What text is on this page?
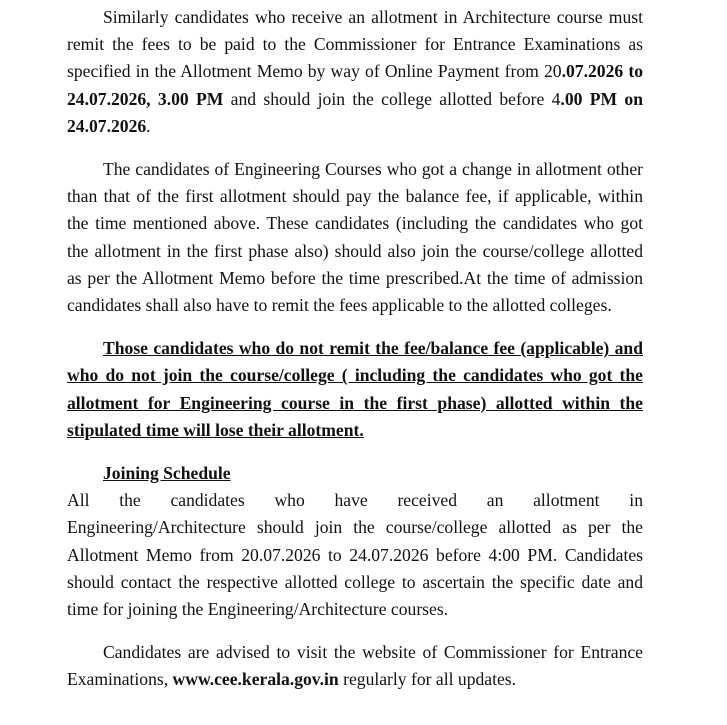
Similarly candidates who receive an allotment in Architecture course must remit the fees to be paid to the Commissioner for Entrance Examinations as specified in the Allotment Memo by way of Online Payment from 20.07.2026 to 24.07.2026, 3.00 PM and should join the college allotted before 4.00 PM on 24.07.2026.

The candidates of Engineering Courses who got a change in allotment other than that of the first allotment should pay the balance fee, if applicable, within the time mentioned above. These candidates (including the candidates who got the allotment in the first phase also) should also join the course/college allotted as per the Allotment Memo before the time prescribed.At the time of admission candidates shall also have to remit the fees applicable to the allotted colleges.

Those candidates who do not remit the fee/balance fee (applicable) and who do not join the course/college ( including the candidates who got the allotment for Engineering course in the first phase) allotted within the stipulated time will lose their allotment.

Joining Schedule

All the candidates who have received an allotment in

Engineering/Architecture should join the course/college allotted as per the Allotment Memo from 20.07.2026 to 24.07.2026 before 4:00 PM. Candidates should contact the respective allotted college to ascertain the specific date and time for joining the Engineering/Architecture courses.

Candidates are advised to visit the website of Commissioner for Entrance Examinations, www.cee.kerala.gov.in regularly for all updates.
